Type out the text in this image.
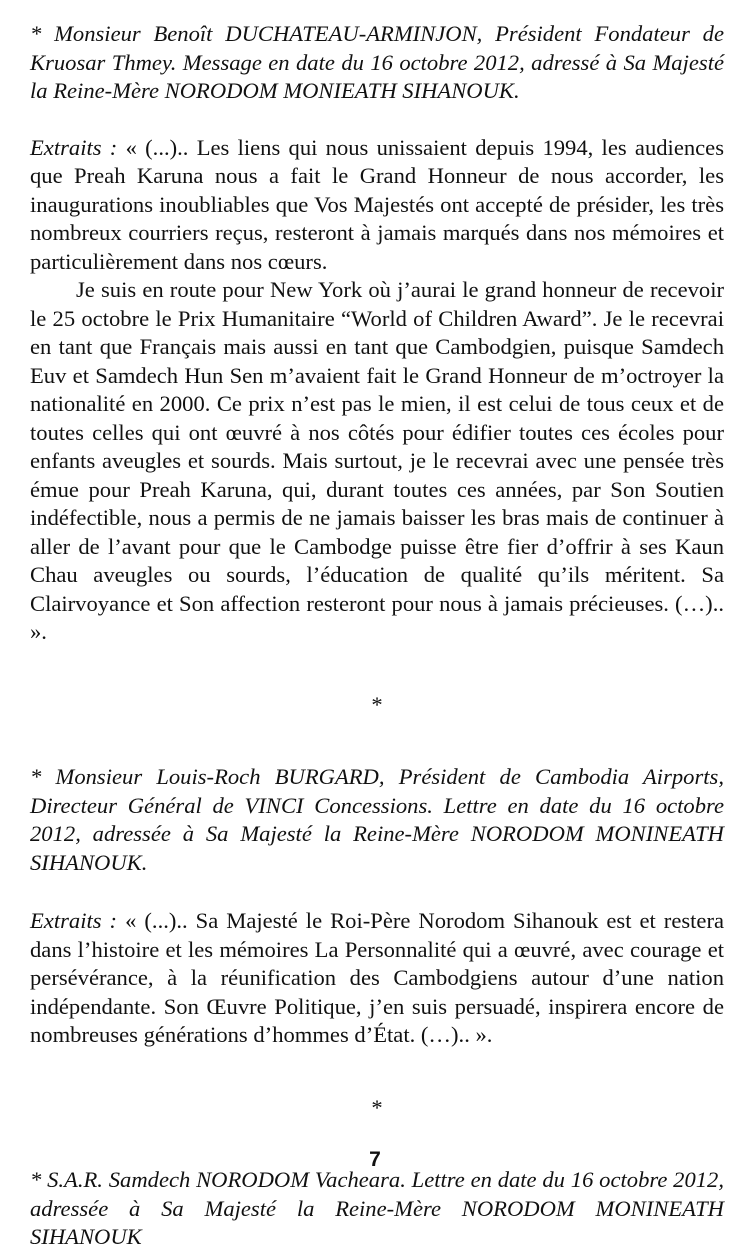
* Monsieur Benoît DUCHATEAU-ARMINJON, Président Fondateur de Kruosar Thmey. Message en date du 16 octobre 2012, adressé à Sa Majesté la Reine-Mère NORODOM MONIEATH SIHANOUK.

Extraits : « (...).. Les liens qui nous unissaient depuis 1994, les audiences que Preah Karuna nous a fait le Grand Honneur de nous accorder, les inaugurations inoubliables que Vos Majestés ont accepté de présider, les très nombreux courriers reçus, resteront à jamais marqués dans nos mémoires et particulièrement dans nos cœurs.

Je suis en route pour New York où j’aurai le grand honneur de recevoir le 25 octobre le Prix Humanitaire “World of Children Award”. Je le recevrai en tant que Français mais aussi en tant que Cambodgien, puisque Samdech Euv et Samdech Hun Sen m’avaient fait le Grand Honneur de m’octroyer la nationalité en 2000. Ce prix n’est pas le mien, il est celui de tous ceux et de toutes celles qui ont œuvré à nos côtés pour édifier toutes ces écoles pour enfants aveugles et sourds. Mais surtout, je le recevrai avec une pensée très émue pour Preah Karuna, qui, durant toutes ces années, par Son Soutien indéfectible, nous a permis de ne jamais baisser les bras mais de continuer à aller de l’avant pour que le Cambodge puisse être fier d’offrir à ses Kaun Chau aveugles ou sourds, l’éducation de qualité qu’ils méritent. Sa Clairvoyance et Son affection resteront pour nous à jamais précieuses. (…).. ».

*

* Monsieur Louis-Roch BURGARD, Président de Cambodia Airports, Directeur Général de VINCI Concessions. Lettre en date du 16 octobre 2012, adressée à Sa Majesté la Reine-Mère NORODOM MONINEATH SIHANOUK.

Extraits : « (...).. Sa Majesté le Roi-Père Norodom Sihanouk est et restera dans l’histoire et les mémoires La Personnalité qui a œuvré, avec courage et persévérance, à la réunification des Cambodgiens autour d’une nation indépendante. Son Œuvre Politique, j’en suis persuadé, inspirera encore de nombreuses générations d’hommes d’État. (…).. ».

*

* S.A.R. Samdech NORODOM Vacheara. Lettre en date du 16 octobre 2012, adressée à Sa Majesté la Reine-Mère NORODOM MONINEATH SIHANOUK

7
